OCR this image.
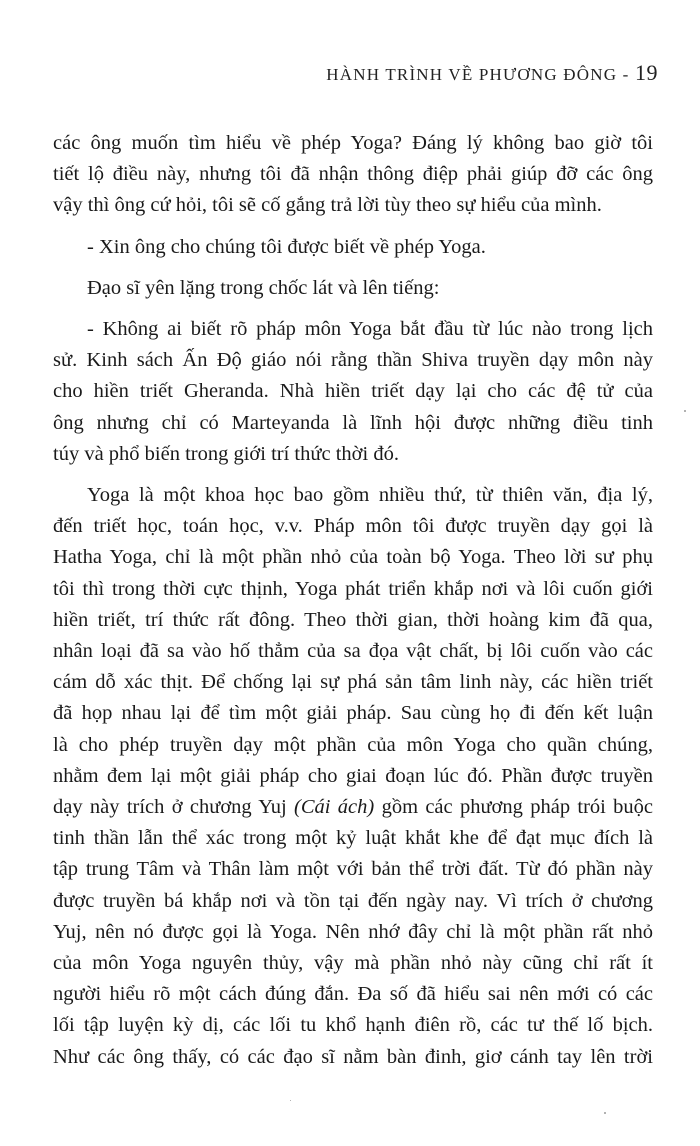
HÀNH TRÌNH VỀ PHƯƠNG ĐÔNG - 19

các ông muốn tìm hiểu về phép Yoga? Đáng lý không bao giờ tôi
tiết lộ điều này, nhưng tôi đã nhận thông điệp phải giúp đỡ các ông
vậy thì ông cứ hỏi, tôi sẽ cố gắng trả lời tùy theo sự hiểu của mình.

- Xin ông cho chúng tôi được biết về phép Yoga.

Đạo sĩ yên lặng trong chốc lát và lên tiếng:

- Không ai biết rõ pháp môn Yoga bắt đầu từ lúc nào trong lịch
sử. Kinh sách Ấn Độ giáo nói rằng thần Shiva truyền dạy môn này
cho hiền triết Gheranda. Nhà hiền triết dạy lại cho các đệ tử của
ông nhưng chỉ có Marteyanda là lĩnh hội được những điều tinh
túy và phổ biến trong giới trí thức thời đó.

Yoga là một khoa học bao gồm nhiều thứ, từ thiên văn, địa lý,
đến triết học, toán học, v.v. Pháp môn tôi được truyền dạy gọi là
Hatha Yoga, chỉ là một phần nhỏ của toàn bộ Yoga. Theo lời sư phụ
tôi thì trong thời cực thịnh, Yoga phát triển khắp nơi và lôi cuốn giới
hiền triết, trí thức rất đông. Theo thời gian, thời hoàng kim đã qua,
nhân loại đã sa vào hố thẳm của sa đọa vật chất, bị lôi cuốn vào các
cám dỗ xác thịt. Để chống lại sự phá sản tâm linh này, các hiền triết
đã họp nhau lại để tìm một giải pháp. Sau cùng họ đi đến kết luận
là cho phép truyền dạy một phần của môn Yoga cho quần chúng,
nhằm đem lại một giải pháp cho giai đoạn lúc đó. Phần được truyền
dạy này trích ở chương Yuj (Cái ách) gồm các phương pháp trói buộc
tinh thần lẫn thể xác trong một kỷ luật khắt khe để đạt mục đích là
tập trung Tâm và Thân làm một với bản thể trời đất. Từ đó phần này
được truyền bá khắp nơi và tồn tại đến ngày nay. Vì trích ở chương
Yuj, nên nó được gọi là Yoga. Nên nhớ đây chỉ là một phần rất nhỏ
của môn Yoga nguyên thủy, vậy mà phần nhỏ này cũng chỉ rất ít
người hiểu rõ một cách đúng đắn. Đa số đã hiểu sai nên mới có các
lối tập luyện kỳ dị, các lối tu khổ hạnh điên rồ, các tư thế lố bịch.
Như các ông thấy, có các đạo sĩ nằm bàn đinh, giơ cánh tay lên trời
